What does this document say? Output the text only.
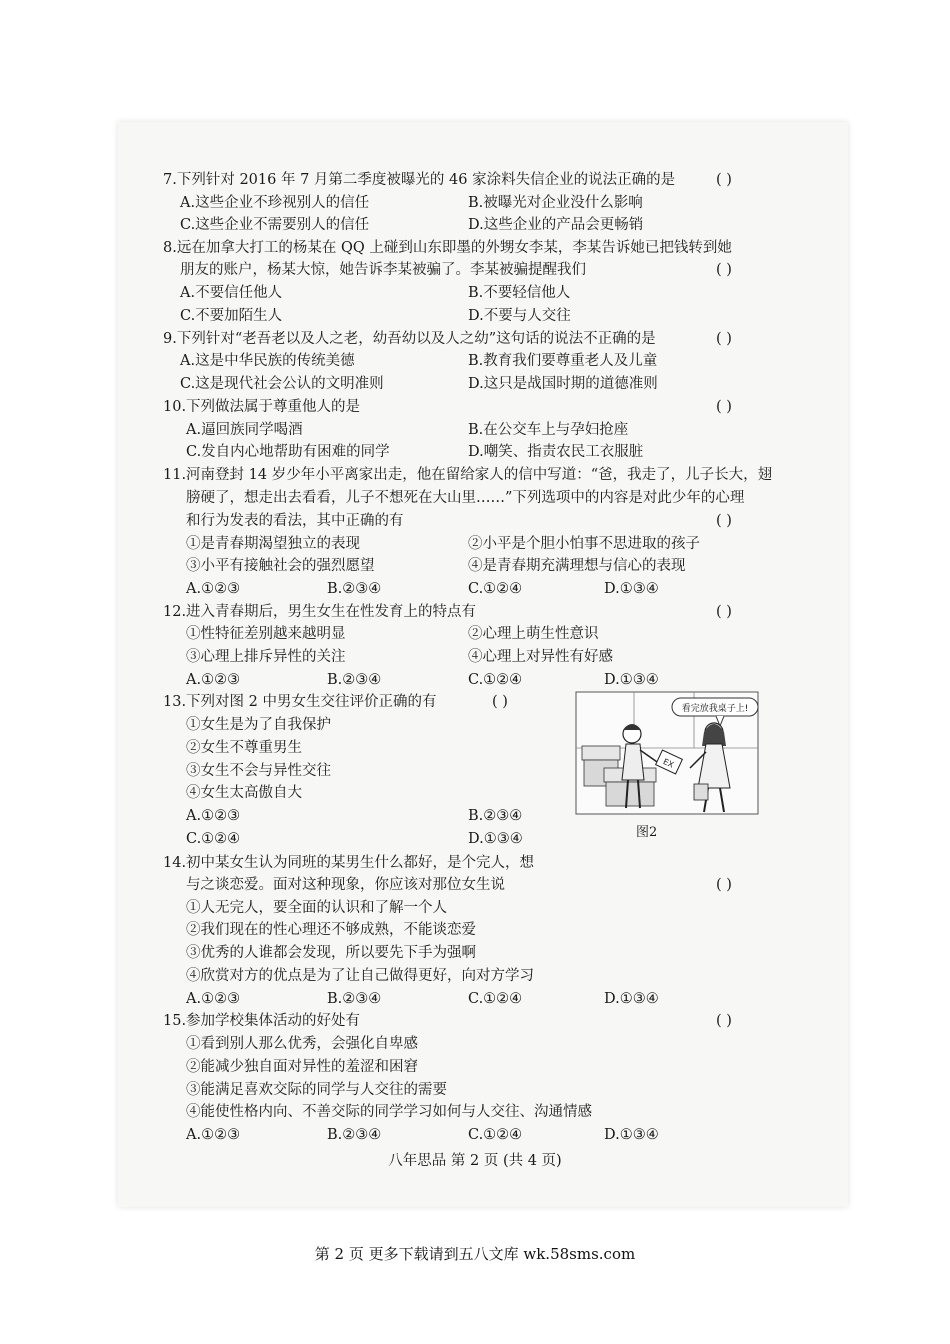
7.下列针对 2016 年 7 月第二季度被曝光的 46 家涂料失信企业的说法正确的是	( )
A.这些企业不珍视别人的信任	B.被曝光对企业没什么影响
C.这些企业不需要别人的信任	D.这些企业的产品会更畅销
8.远在加拿大打工的杨某在 QQ 上碰到山东即墨的外甥女李某，李某告诉她已把钱转到她
朋友的账户，杨某大惊，她告诉李某被骗了。李某被骗提醒我们	( )
A.不要信任他人	B.不要轻信他人
C.不要加陌生人	D.不要与人交往
9.下列针对“老吾老以及人之老，幼吾幼以及人之幼”这句话的说法不正确的是	( )
A.这是中华民族的传统美德	B.教育我们要尊重老人及儿童
C.这是现代社会公认的文明准则	D.这只是战国时期的道德准则
10.下列做法属于尊重他人的是	( )
A.逼回族同学喝酒	B.在公交车上与孕妇抢座
C.发自内心地帮助有困难的同学	D.嘲笑、指责农民工衣服脏
11.河南登封 14 岁少年小平离家出走，他在留给家人的信中写道：“爸，我走了，儿子长大，翅
膀硬了，想走出去看看，儿子不想死在大山里……”下列选项中的内容是对此少年的心理
和行为发表的看法，其中正确的有	( )
①是青春期渴望独立的表现	②小平是个胆小怕事不思进取的孩子
③小平有接触社会的强烈愿望	④是青春期充满理想与信心的表现
A.①②③	B.②③④	C.①②④	D.①③④
12.进入青春期后，男生女生在性发育上的特点有	( )
①性特征差别越来越明显	②心理上萌生性意识
③心理上排斥异性的关注	④心理上对异性有好感
A.①②③	B.②③④	C.①②④	D.①③④
13.下列对图 2 中男女生交往评价正确的有	( )
①女生是为了自我保护
②女生不尊重男生
③女生不会与异性交往
④女生太高傲自大
A.①②③	B.②③④
C.①②④	D.①③④
看完放我桌子上!
EX
图2
14.初中某女生认为同班的某男生什么都好，是个完人，想
与之谈恋爱。面对这种现象，你应该对那位女生说	( )
①人无完人，要全面的认识和了解一个人
②我们现在的性心理还不够成熟，不能谈恋爱
③优秀的人谁都会发现，所以要先下手为强啊
④欣赏对方的优点是为了让自己做得更好，向对方学习
A.①②③	B.②③④	C.①②④	D.①③④
15.参加学校集体活动的好处有	( )
①看到别人那么优秀，会强化自卑感
②能减少独自面对异性的羞涩和困窘
③能满足喜欢交际的同学与人交往的需要
④能使性格内向、不善交际的同学学习如何与人交往、沟通情感
A.①②③	B.②③④	C.①②④	D.①③④
八年思品 第 2 页 (共 4 页)
第 2 页 更多下载请到五八文库 wk.58sms.com
